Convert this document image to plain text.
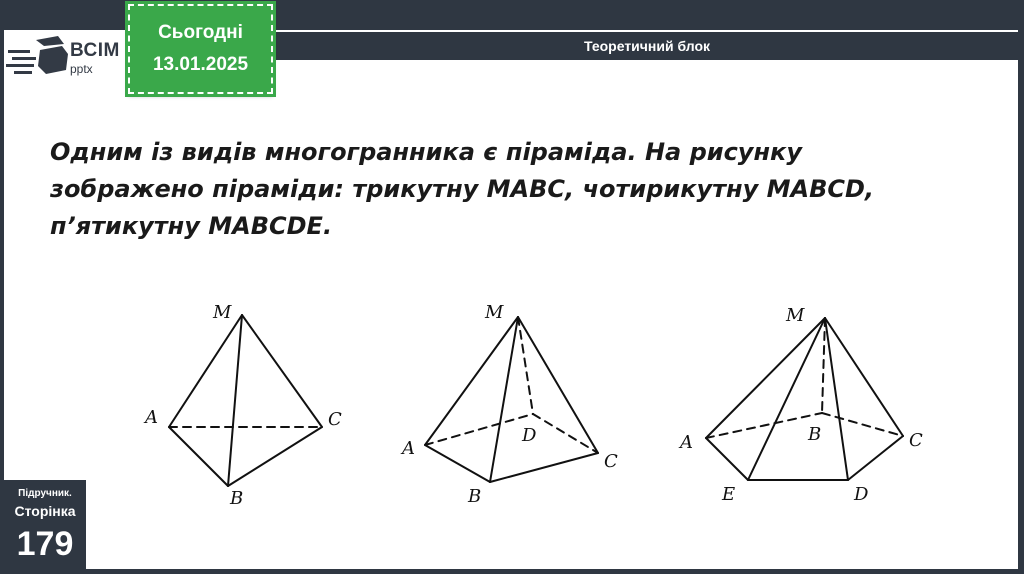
Теоретичний блок
ВСІМ
pptx
Сьогодні
13.01.2025
Одним із видів многогранника є піраміда. На рисунку зображено піраміди: трикутну MABC, чотирикутну MABCD, п’ятикутну MABCDE.
M
A	C
B
M
A
D
C
B
M
A	B	C
E	D
Підручник.
Сторінка
179
